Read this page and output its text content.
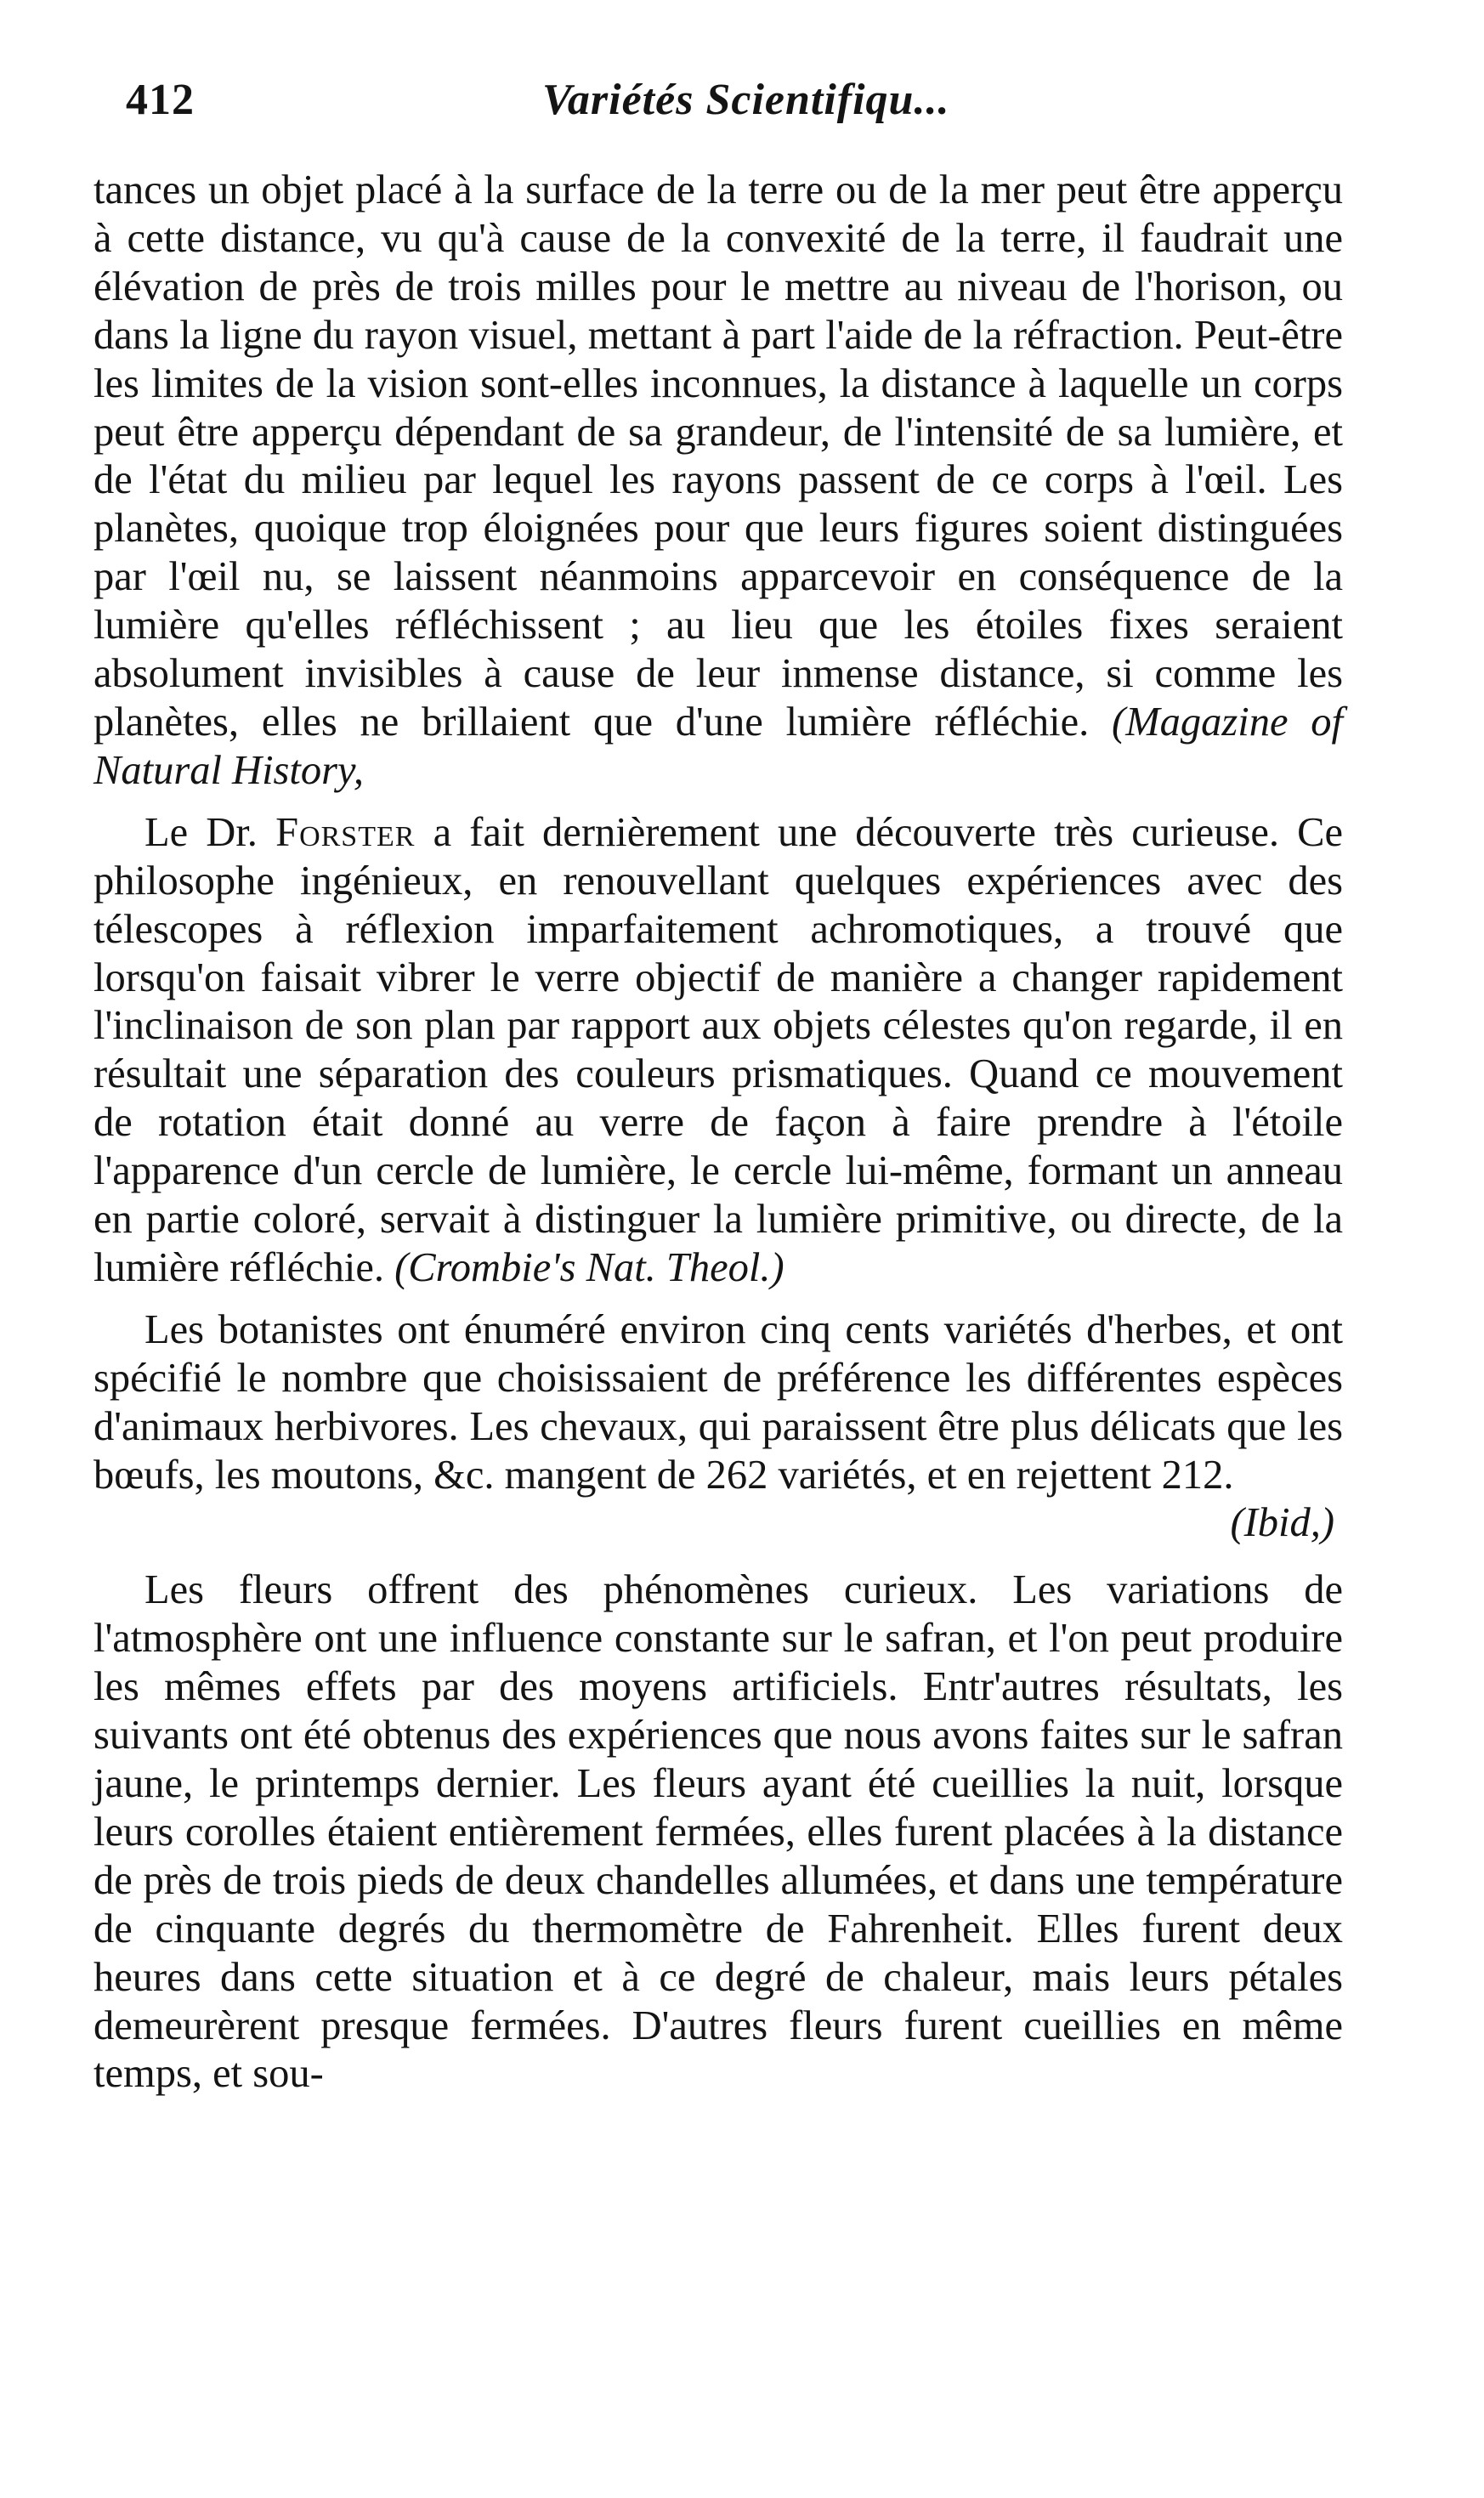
412	Variétés Scientifiqu...

tances un objet placé à la surface de la terre ou de la mer peut être apperçu à cette distance, vu qu'à cause de la convexité de la terre, il faudrait une élévation de près de trois milles pour le mettre au niveau de l'horison, ou dans la ligne du rayon visuel, mettant à part l'aide de la réfraction. Peut-être les limites de la vision sont-elles inconnues, la distance à laquelle un corps peut être apperçu dépendant de sa grandeur, de l'intensité de sa lumière, et de l'état du milieu par lequel les rayons passent de ce corps à l'œil. Les planètes, quoique trop éloignées pour que leurs figures soient distinguées par l'œil nu, se laissent néanmoins apparcevoir en conséquence de la lumière qu'elles réfléchissent ; au lieu que les étoiles fixes seraient absolument invisibles à cause de leur inmense distance, si comme les planètes, elles ne brillaient que d'une lumière réfléchie. (Magazine of Natural History,

Le Dr. Forster a fait dernièrement une découverte très curieuse. Ce philosophe ingénieux, en renouvellant quelques expériences avec des télescopes à réflexion imparfaitement achromotiques, a trouvé que lorsqu'on faisait vibrer le verre objectif de manière a changer rapidement l'inclinaison de son plan par rapport aux objets célestes qu'on regarde, il en résultait une séparation des couleurs prismatiques. Quand ce mouvement de rotation était donné au verre de façon à faire prendre à l'étoile l'apparence d'un cercle de lumière, le cercle lui-même, formant un anneau en partie coloré, servait à distinguer la lumière primitive, ou directe, de la lumière réfléchie. (Crombie's Nat. Theol.)

Les botanistes ont énuméré environ cinq cents variétés d'herbes, et ont spécifié le nombre que choisissaient de préférence les différentes espèces d'animaux herbivores. Les chevaux, qui paraissent être plus délicats que les bœufs, les moutons, &c. mangent de 262 variétés, et en rejettent 212.

(Ibid,)

Les fleurs offrent des phénomènes curieux. Les variations de l'atmosphère ont une influence constante sur le safran, et l'on peut produire les mêmes effets par des moyens artificiels. Entr'autres résultats, les suivants ont été obtenus des expériences que nous avons faites sur le safran jaune, le printemps dernier. Les fleurs ayant été cueillies la nuit, lorsque leurs corolles étaient entièrement fermées, elles furent placées à la distance de près de trois pieds de deux chandelles allumées, et dans une température de cinquante degrés du thermomètre de Fahrenheit. Elles furent deux heures dans cette situation et à ce degré de chaleur, mais leurs pétales demeurèrent presque fermées. D'autres fleurs furent cueillies en même temps, et sou-
